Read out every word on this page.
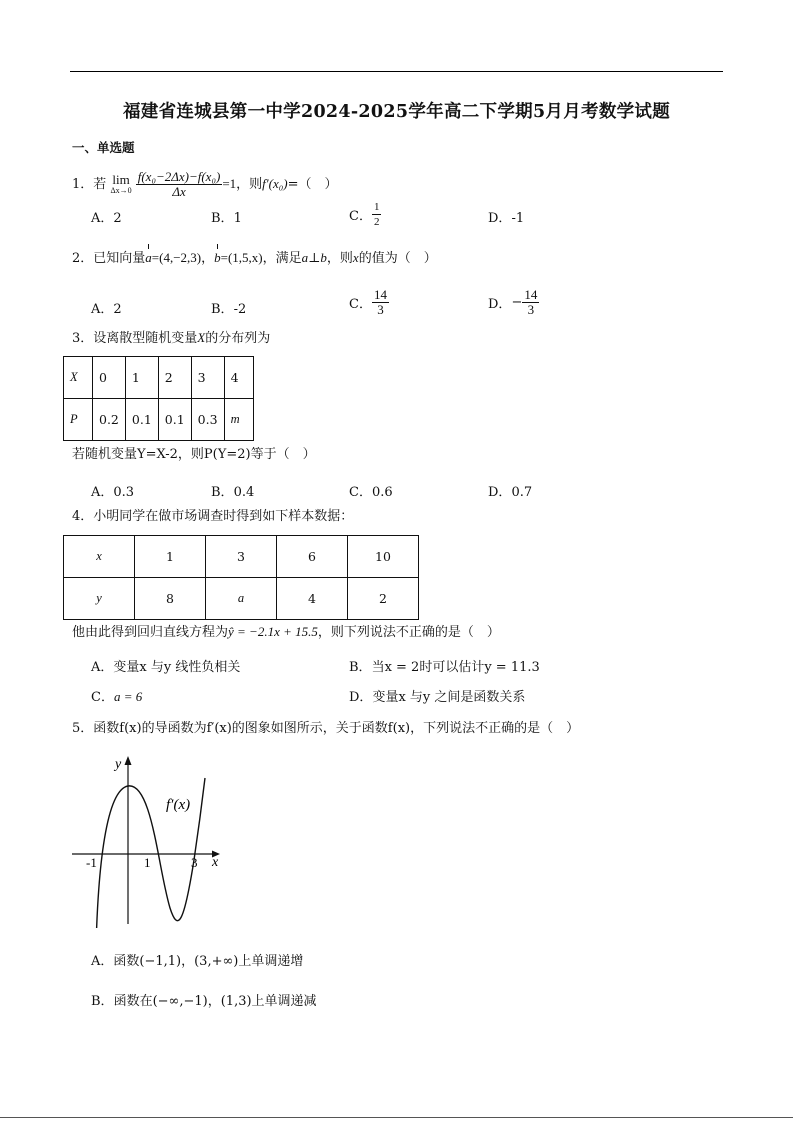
福建省连城县第一中学2024-2025学年高二下学期5月月考数学试题
一、单选题
1．若 lim
Δx→0
$\frac{\text{f(x₀−2Δx)−f(x₀)}}{\Delta x} =1$，则f′(x₀)=（　）
A．2	B．1	C． $\frac{1}{2}$	D．-1
2．已知向量a=(4,−2,3)，b=(1,5,x)，满足a⊥b，则x的值为（　）
A．2	B．-2	C． $\frac{14}{3}$	D．− $\frac{14}{3}$
3．设离散型随机变量X的分布列为
X	0	1	2	3	4
P	0.2	0.1	0.1	0.3	m
若随机变量Y=X-2，则P(Y=2)等于（　）
A．0.3	B．0.4	C．0.6	D．0.7
4．小明同学在做市场调查时得到如下样本数据：
x	1	3	6	10
y	8	a	4	2
他由此得到回归直线方程为ŷ = −2.1x + 15.5，则下列说法不正确的是（　）
A．变量x 与y 线性负相关	B．当x = 2时可以估计y = 11.3
C．a = 6	D．变量x 与y 之间是函数关系
5．函数f(x)的导函数为f′(x)的图象如图所示，关于函数f(x)，下列说法不正确的是（　）
y
x
f′(x)
-1	1	3
A．函数(−1,1)，(3,+∞)上单调递增
B．函数在(−∞,−1)，(1,3)上单调递减
